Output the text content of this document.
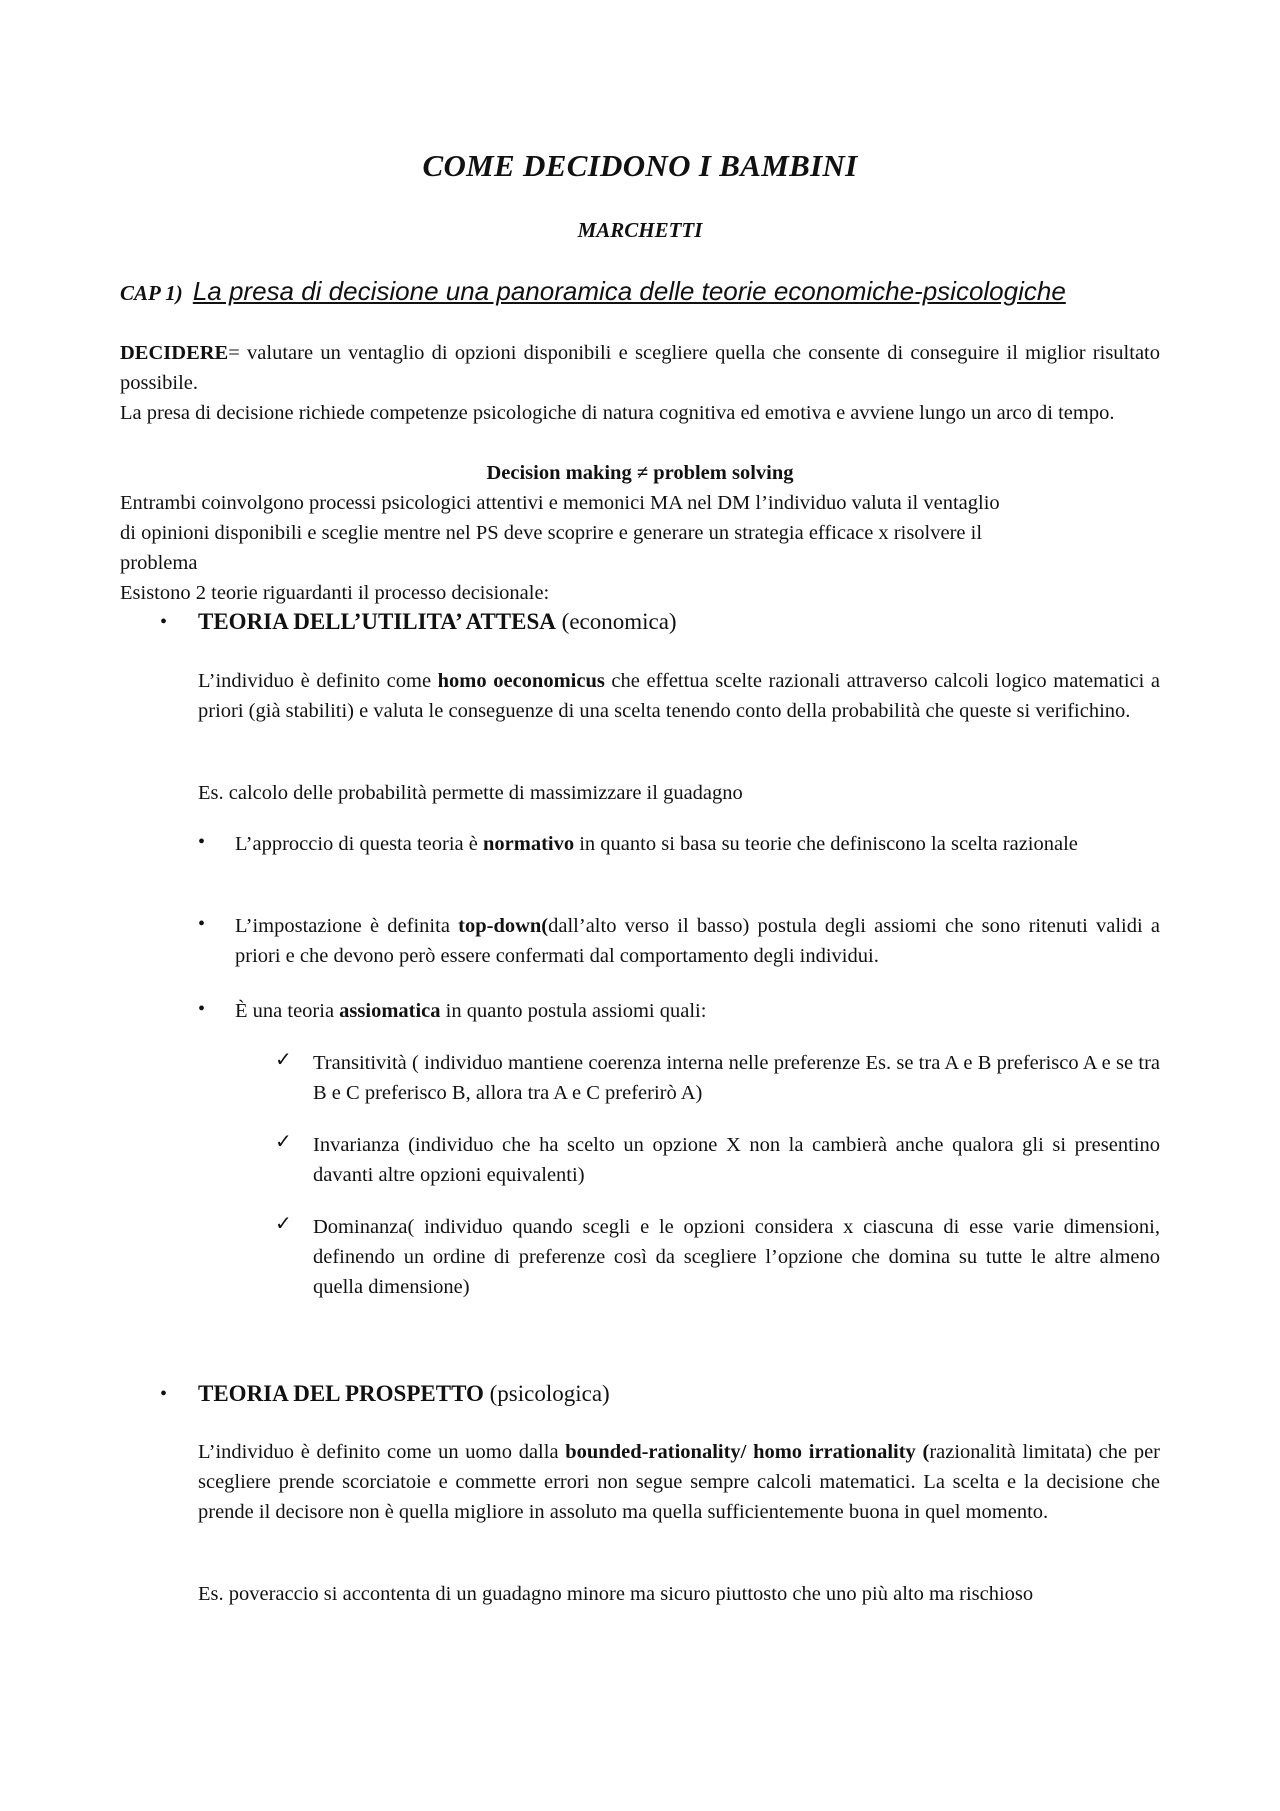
COME DECIDONO I BAMBINI
MARCHETTI
CAP 1) La presa di decisione una panoramica delle teorie economiche-psicologiche
DECIDERE= valutare un ventaglio di opzioni disponibili e scegliere quella che consente di conseguire il miglior risultato possibile.
La presa di decisione richiede competenze psicologiche di natura cognitiva ed emotiva e avviene lungo un arco di tempo.
Decision making ≠ problem solving
Entrambi coinvolgono processi psicologici attentivi e memonici MA nel DM l’individuo valuta il ventaglio
di opinioni disponibili e sceglie mentre nel PS deve scoprire e generare un strategia efficace x risolvere il
problema
Esistono 2 teorie riguardanti il processo decisionale:
• TEORIA DELL’UTILITA’ ATTESA (economica)
L’individuo è definito come homo oeconomicus che effettua scelte razionali attraverso calcoli logico matematici a priori (già stabiliti) e valuta le conseguenze di una scelta tenendo conto della probabilità che queste si verifichino.
Es. calcolo delle probabilità permette di massimizzare il guadagno
• L’approccio di questa teoria è normativo in quanto si basa su teorie che definiscono la scelta razionale
• L’impostazione è definita top-down(dall’alto verso il basso) postula degli assiomi che sono ritenuti validi a priori e che devono però essere confermati dal comportamento degli individui.
• È una teoria assiomatica in quanto postula assiomi quali:
✓ Transitività ( individuo mantiene coerenza interna nelle preferenze Es. se tra A e B preferisco A e se tra B e C preferisco B, allora tra A e C preferirò A)
✓ Invarianza (individuo che ha scelto un opzione X non la cambierà anche qualora gli si presentino davanti altre opzioni equivalenti)
✓ Dominanza( individuo quando scegli e le opzioni considera x ciascuna di esse varie dimensioni, definendo un ordine di preferenze così da scegliere l’opzione che domina su tutte le altre almeno quella dimensione)
• TEORIA DEL PROSPETTO (psicologica)
L’individuo è definito come un uomo dalla bounded-rationality/ homo irrationality (razionalità limitata) che per scegliere prende scorciatoie e commette errori non segue sempre calcoli matematici. La scelta e la decisione che prende il decisore non è quella migliore in assoluto ma quella sufficientemente buona in quel momento.
Es. poveraccio si accontenta di un guadagno minore ma sicuro piuttosto che uno più alto ma rischioso
